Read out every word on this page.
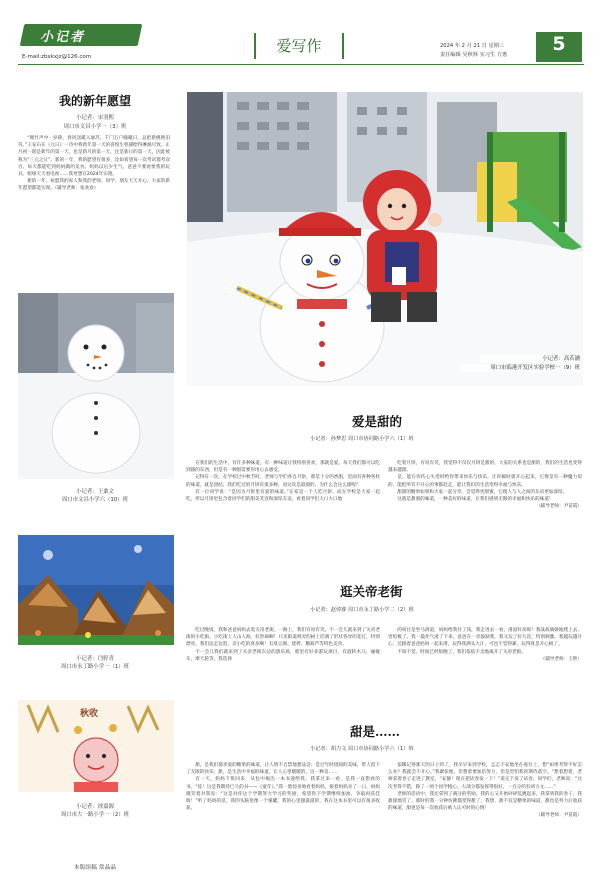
小记者
E-mail:zbxkxjz@126.com
爱写作	2024 年 2 月 21 日 星期三
责任编辑 吴秋林 实习生 方惠	5
我的新年愿望
小记者：宋羽熙
周口市文昌小学一（3）班

“爆竹声中一岁除，春风送暖入屠苏。千门万户曈曈日，总把新桃换旧符。”王安石在《元日》一诗中将新年第一天的喜悦生机描绘得淋漓尽致。正月初一既是新年的第一天，也是新月的第一天，还是新日的第一天，因此被称为“三元之日”。新的一年，我的愿望有很多，比如希望每一次考试都考双百、每天都能吃到妈妈做的美食、妈妈以后少生气、爸爸不要再要我的玩具、姐姐天天看电视……我更想在2024年实现。

新的一年，祝愿我的家人和我的老师、同学、朋友天天开心，大家的新年愿望都能实现。（辅导老师：张欢欢）

小记者：王桑文
周口市文昌小学六（10）班
小记者：闫婷青
周口市永丁路小学一（1）班
秋收
小记者：徐嘉源
周口市大一路小学一（2）班
本版组稿 常晶晶
小记者：高若涵
周口市临港开发区实验学校一（9）班
爱是甜的
小记者：孙梦思 周口市协同路小学六（1）班

在我们的生活中，有许多种味道，有一种味道让我特别喜欢，那就是爱。每天我们都可以吃到甜的东西，但是有一种甜需要你用心去感受。

记得有一次，在学校过中秋节时，老师与学们各自月饼，那是十分的香甜，里面有各种各样的味道，就是团结，我们吃过的月饼有很多种，而这次是最甜的，为什么会这么甜呢？

有一位同学说：“是因为月饼里有爱的味道。”在家是一个人吃月饼，而在学校是大家一起吃，所以月饼里包含着同学们的甜美笑容和深厚友谊。看着同学们大口大口地

吃着月饼，有说有笑，我觉得不仅仅月饼是甜的，大家的关系也是甜的，我们的生活也变得越来越甜。

是，能在你伤心失望时给你带来快乐与快乐，让你顿时就开心起来。它像是有一种魔力似的，能把所有不开心的事都赶走，能让我们的生活变得幸福与快乐。

甜甜的糖果如果和大家一起分享，会觉得更甜蜜，它使人与人之间的友谊更加深厚。

这就是甜蜜的味道，一种美好的味道，让我们感到无限的幸福和快乐的味道！

（辅导老师：尹苗霞）
逛关帝老街
小记者：赵倬睿 周口市永丁路小学二（2）班

吃过晚饭，我和爸爸妈妈去逛关帝老街。一路上，我们有说有笑，不一会儿就来到了关帝老街的小吃街。小吃街上人山人海，好热闹啊！只见街道两旁的树上挂满了形状各异的花灯，特别漂亮。我们边走边逛，卖小吃的真多啊！有臭豆腐、烧烤、糖葫芦等特色美食。

不一会儿我们就来到了关帝老街东边的游乐场，那里有好多游玩项目，有旋转木马、碰碰车、摩天轮等。我选择

的项目是坐马滑道，妈妈给我付了钱，我走进去一看，滑道好高呀！我战战兢兢地爬上去，害怕极了。我一鼓作气滑了下来，爸爸在一旁鼓励我，我又玩了好几次，特别刺激。我越玩越开心，还跟着爸爸妈妈一起来滑，玩得我满头大汗，可也不觉得累，玩得真是开心极了。

不知不觉，时间已经很晚了，我们依依不舍地离开了关帝老街。

（辅导老师：王艳）
甜是……
小记者：胡力文 周口市协同路小学六（1）班

甜，是我们都喜爱的糖果的味道，让人情不自禁地想品尝；是过年时团圆的美味，带人留下了无限的快乐；甜，是生活中幸福的味道，让人心里暖暖的，这一种美……

有一天，妈妈下班回来，从包中掏出一本书递给我，我拿过来一看，是我一直想看的书。“哇！这是我期待已久的书——《童年》。”我一脸惊喜地看着妈妈，接着妈妈亲了一口，妈妈微笑着对我说：“这是对你这个学期努力学习的奖励，希望你下学期继续加油，争取再获佳绩！”听了妈妈的话，我的头脑里像一个蜜罐，我的心里甜滋滋的，我在这本书里可以有很多收获。

依稀记得那天的日子到了，我早早来到学校，忐忑不安地坐在座位上，想“如果考得不好怎么办？我就会不开心。”我紧张地，但想着要加倍努力，但是害怕我的期待落空。“想着想着，老师拿着卷子走进了教室，“安静！现在把试卷发一下！”说完下发了试卷。同学们，老师说：“这次考得不错，除了一两个同学粗心，大部分都发挥得很好，一百分的有胡力文……”

老师的话语中，我还拿到了满分的奖励。我的心又开始砰砰乱跳起来，我拿到我的卷子，我甜甜地笑了。那时的我一分钟仿佛都变得甜了，我想，甜不仅是糖果的味道，甜也是努力后收获的味道，甜更是每一次收获后被人认可时的心情！

（辅导老师：尹苗霞）
